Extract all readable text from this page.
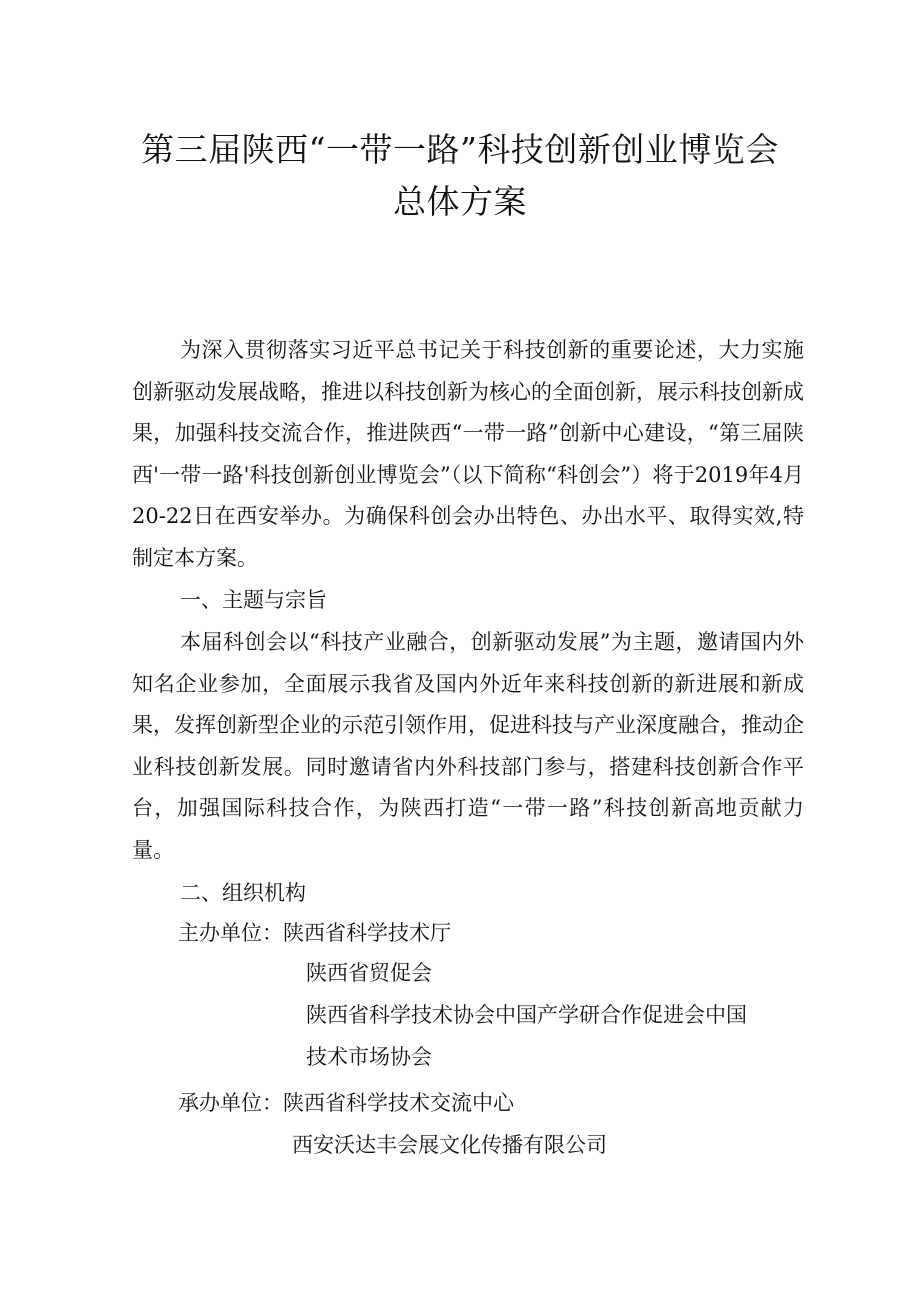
第三届陕西“一带一路”科技创新创业博览会
总体方案

为深入贯彻落实习近平总书记关于科技创新的重要论述，大力实施创新驱动发展战略，推进以科技创新为核心的全面创新，展示科技创新成果，加强科技交流合作，推进陕西“一带一路”创新中心建设，“第三届陕西'一带一路'科技创新创业博览会”（以下简称“科创会”）将于2019年4月20-22日在西安举办。为确保科创会办出特色、办出水平、取得实效,特制定本方案。

一、主题与宗旨

本届科创会以“科技产业融合，创新驱动发展”为主题，邀请国内外知名企业参加，全面展示我省及国内外近年来科技创新的新进展和新成果，发挥创新型企业的示范引领作用，促进科技与产业深度融合，推动企业科技创新发展。同时邀请省内外科技部门参与，搭建科技创新合作平台，加强国际科技合作，为陕西打造“一带一路”科技创新高地贡献力量。

二、组织机构

主办单位：陕西省科学技术厅

陕西省贸促会

陕西省科学技术协会中国产学研合作促进会中国

技术市场协会

承办单位：陕西省科学技术交流中心

西安沃达丰会展文化传播有限公司
